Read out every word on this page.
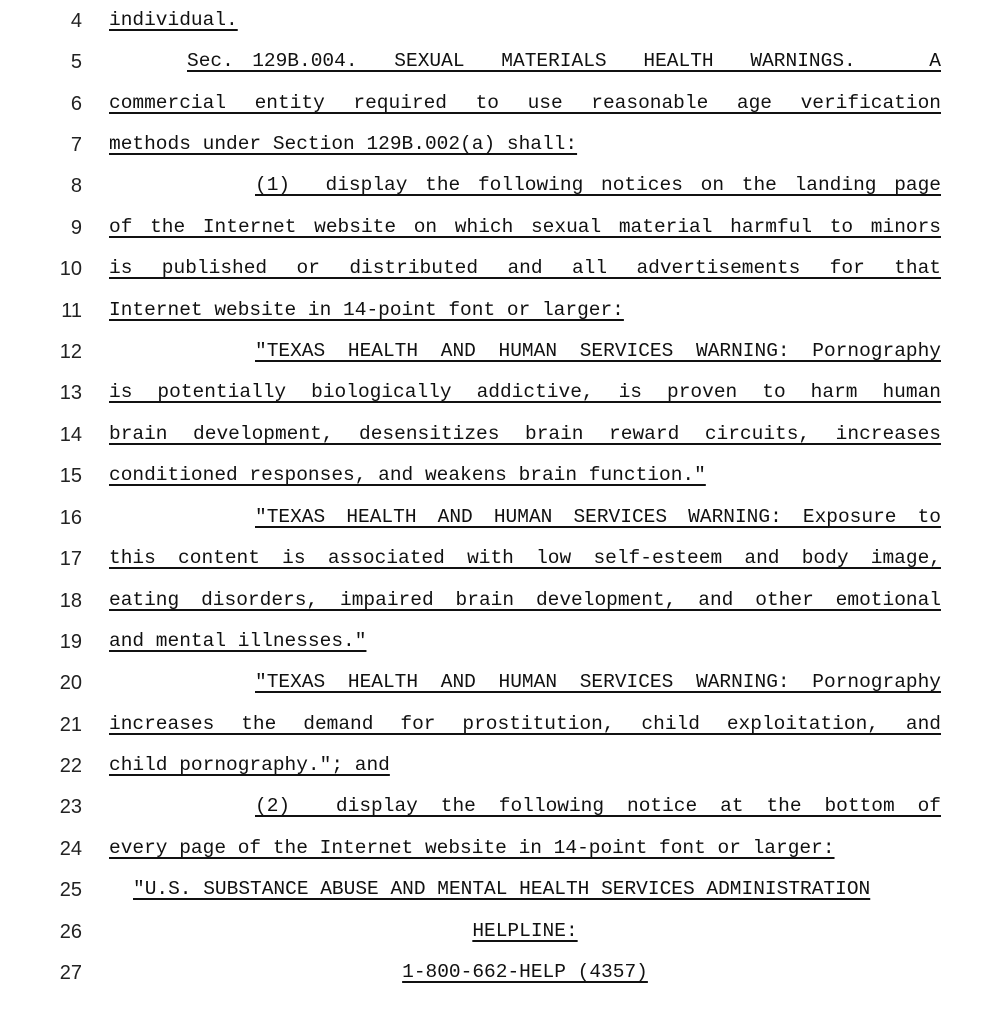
4 individual.
5	Sec. 129B.004.  SEXUAL  MATERIALS  HEALTH  WARNINGS.    A
6 commercial entity required to use reasonable age verification
7 methods under Section 129B.002(a) shall:
8	(1)  display the following notices on the landing page
9 of the Internet website on which sexual material harmful to minors
10 is published or distributed and all advertisements for that
11 Internet website in 14-point font or larger:
12	"TEXAS HEALTH AND HUMAN SERVICES WARNING: Pornography
13 is potentially biologically addictive, is proven to harm human
14 brain development, desensitizes brain reward circuits, increases
15 conditioned responses, and weakens brain function."
16	"TEXAS HEALTH AND HUMAN SERVICES WARNING: Exposure to
17 this content is associated with low self-esteem and body image,
18 eating disorders, impaired brain development, and other emotional
19 and mental illnesses."
20	"TEXAS HEALTH AND HUMAN SERVICES WARNING: Pornography
21 increases the demand for prostitution, child exploitation, and
22 child pornography."; and
23	(2)  display the following notice at the bottom of
24 every page of the Internet website in 14-point font or larger:
25	"U.S. SUBSTANCE ABUSE AND MENTAL HEALTH SERVICES ADMINISTRATION
26	HELPLINE:
27	1-800-662-HELP (4357)
